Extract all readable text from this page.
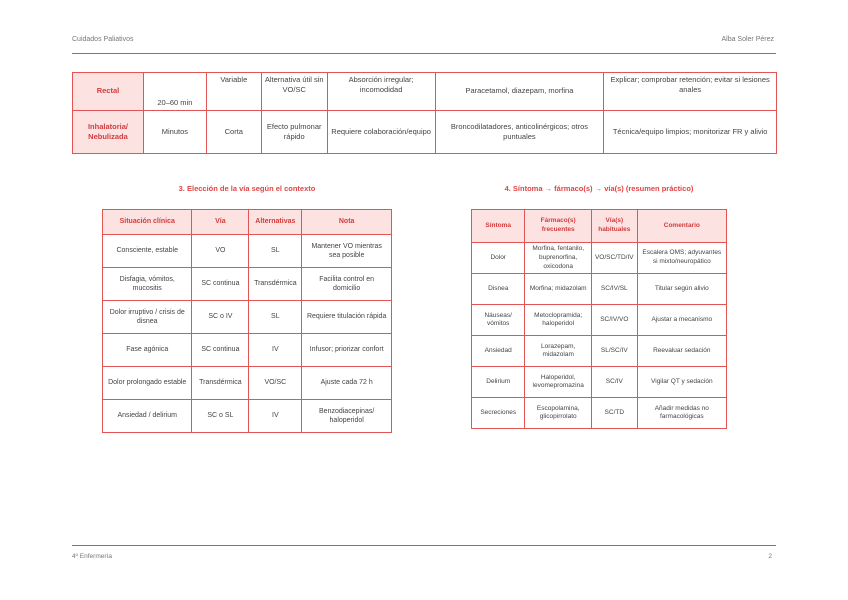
Cuidados Paliativos	Alba Soler Pérez
Rectal	20–60 min	Variable	Alternativa útil sin VO/SC	Absorción irregular; incomodidad	Paracetamol, diazepam, morfina	Explicar; comprobar retención; evitar si lesiones anales
Inhalatoria/ Nebulizada	Minutos	Corta	Efecto pulmonar rápido	Requiere colaboración/equipo	Broncodilatadores, anticolinérgicos; otros puntuales	Técnica/equipo limpios; monitorizar FR y alivio
3. Elección de la vía según el contexto	4. Síntoma → fármaco(s) → vía(s) (resumen práctico)
Situación clínica	Vía	Alternativas	Nota
Consciente, estable	VO	SL	Mantener VO mientras sea posible
Disfagia, vómitos, mucositis	SC continua	Transdérmica	Facilita control en domicilio
Dolor irruptivo / crisis de disnea	SC o IV	SL	Requiere titulación rápida
Fase agónica	SC continua	IV	Infusor; priorizar confort
Dolor prolongado estable	Transdérmica	VO/SC	Ajuste cada 72 h
Ansiedad / delirium	SC o SL	IV	Benzodiacepinas/ haloperidol
Síntoma	Fármaco(s) frecuentes	Vía(s) habituales	Comentario
Dolor	Morfina, fentanilo, buprenorfina, oxicodona	VO/SC/TD/IV	Escalera OMS; adyuvantes si mixto/neuropático
Disnea	Morfina; midazolam	SC/IV/SL	Titular según alivio
Náuseas/ vómitos	Metoclopramida; haloperidol	SC/IV/VO	Ajustar a mecanismo
Ansiedad	Lorazepam, midazolam	SL/SC/IV	Reevaluar sedación
Delirium	Haloperidol, levomepromazina	SC/IV	Vigilar QT y sedación
Secreciones	Escopolamina, glicopirrolato	SC/TD	Añadir medidas no farmacológicas
4º Enfermería	2
